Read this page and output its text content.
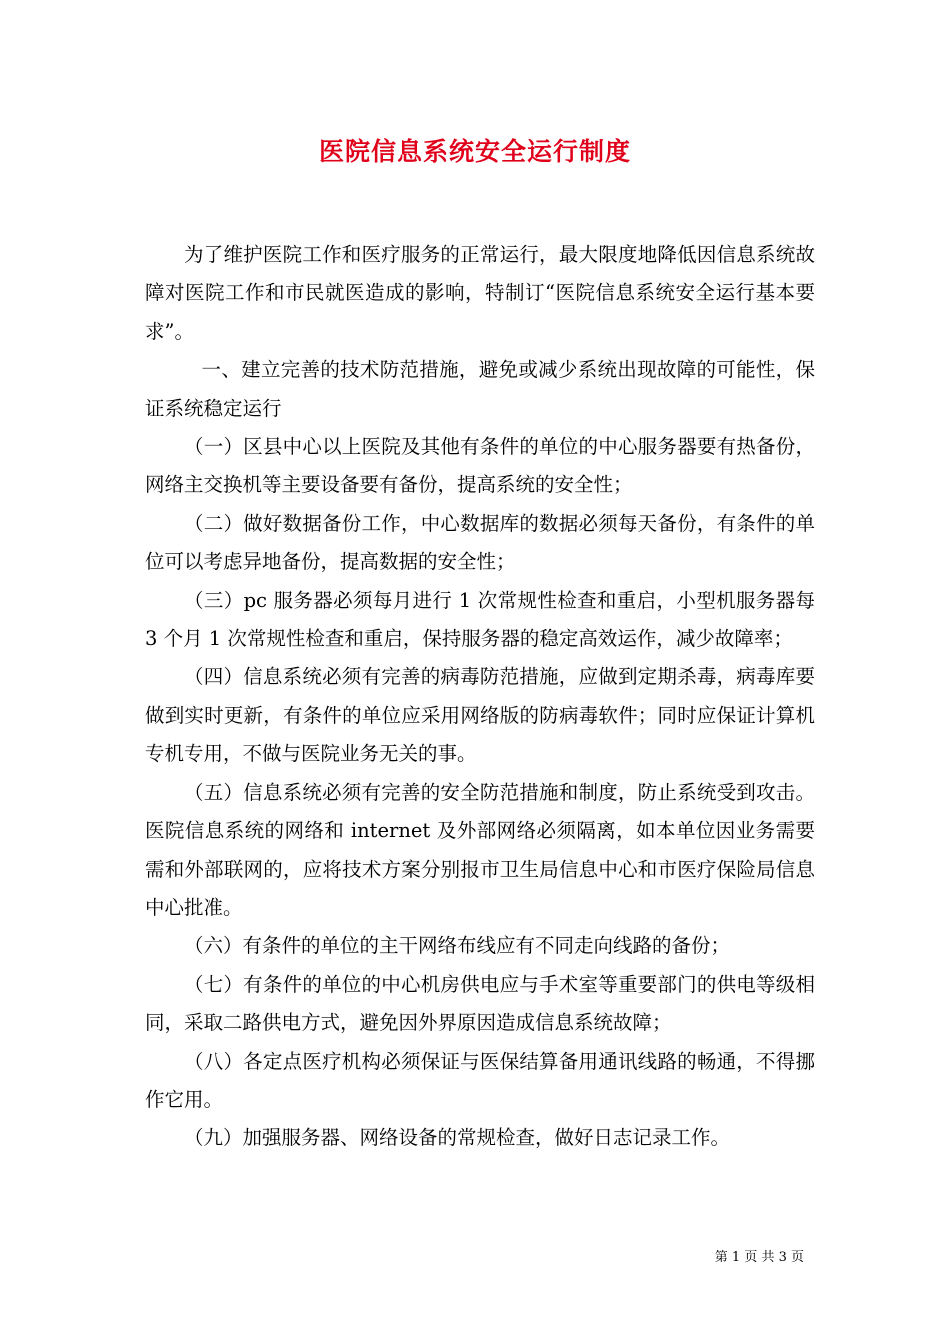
医院信息系统安全运行制度

为了维护医院工作和医疗服务的正常运行，最大限度地降低因信息系统故障对医院工作和市民就医造成的影响，特制订“医院信息系统安全运行基本要求”。

一、建立完善的技术防范措施，避免或减少系统出现故障的可能性，保证系统稳定运行

（一）区县中心以上医院及其他有条件的单位的中心服务器要有热备份，网络主交换机等主要设备要有备份，提高系统的安全性；

（二）做好数据备份工作，中心数据库的数据必须每天备份，有条件的单位可以考虑异地备份，提高数据的安全性；

（三）pc 服务器必须每月进行 1 次常规性检查和重启，小型机服务器每 3 个月 1 次常规性检查和重启，保持服务器的稳定高效运作，减少故障率；

（四）信息系统必须有完善的病毒防范措施，应做到定期杀毒，病毒库要做到实时更新，有条件的单位应采用网络版的防病毒软件；同时应保证计算机专机专用，不做与医院业务无关的事。

（五）信息系统必须有完善的安全防范措施和制度，防止系统受到攻击。医院信息系统的网络和 internet 及外部网络必须隔离，如本单位因业务需要需和外部联网的，应将技术方案分别报市卫生局信息中心和市医疗保险局信息中心批准。

（六）有条件的单位的主干网络布线应有不同走向线路的备份；

（七）有条件的单位的中心机房供电应与手术室等重要部门的供电等级相同，采取二路供电方式，避免因外界原因造成信息系统故障；

（八）各定点医疗机构必须保证与医保结算备用通讯线路的畅通，不得挪作它用。

（九）加强服务器、网络设备的常规检查，做好日志记录工作。

第 1 页 共 3 页
